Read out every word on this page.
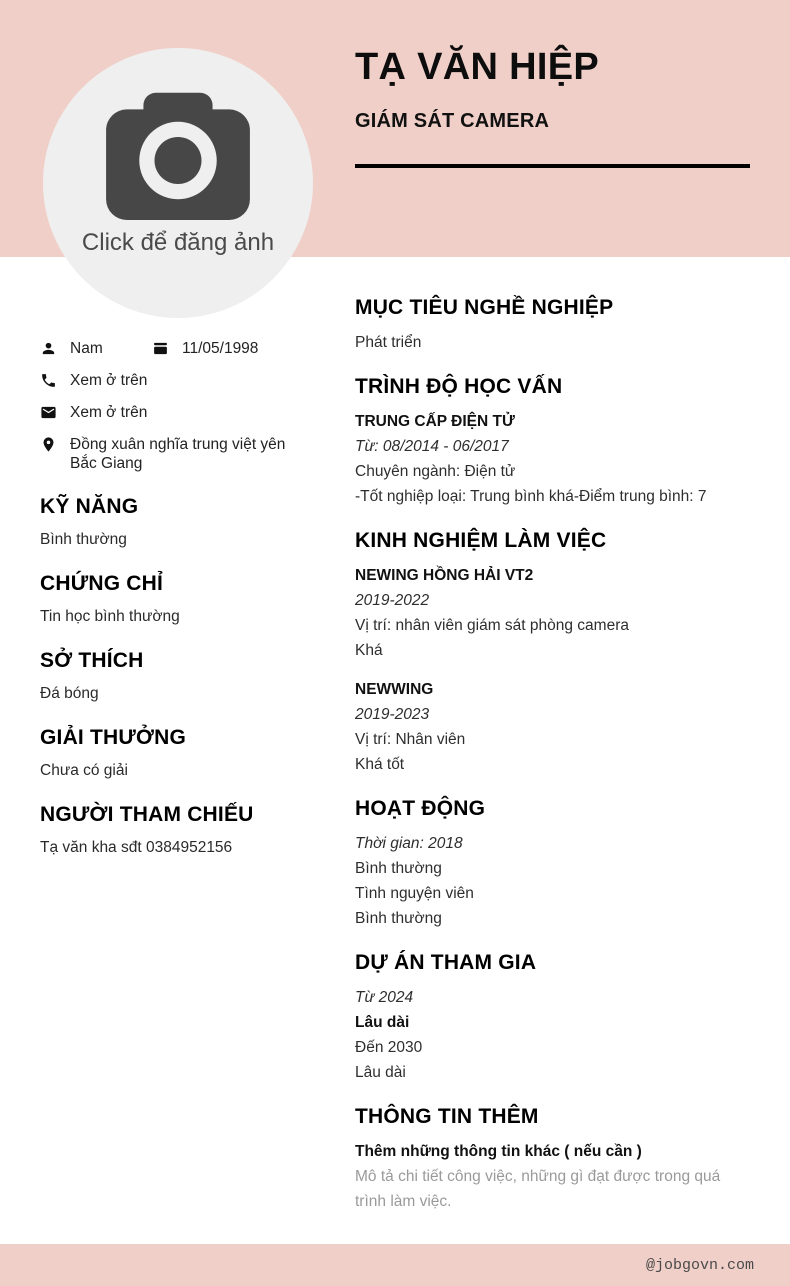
Click để đăng ảnh
TẠ VĂN HIỆP
GIÁM SÁT CAMERA
Nam	11/05/1998
Xem ở trên
Xem ở trên
Đồng xuân nghĩa trung việt yên Bắc Giang
KỸ NĂNG

Bình thường

CHỨNG CHỈ

Tin học bình thường

SỞ THÍCH

Đá bóng

GIẢI THƯỞNG

Chưa có giải

NGƯỜI THAM CHIẾU

Tạ văn kha sđt 0384952156

MỤC TIÊU NGHỀ NGHIỆP

Phát triển

TRÌNH ĐỘ HỌC VẤN

TRUNG CẤP ĐIỆN TỬ

Từ: 08/2014 - 06/2017

Chuyên ngành: Điện tử

-Tốt nghiệp loại: Trung bình khá-Điểm trung bình: 7

KINH NGHIỆM LÀM VIỆC

NEWING HỒNG HẢI VT2

2019-2022

Vị trí: nhân viên giám sát phòng camera

Khá

NEWWING

2019-2023

Vị trí: Nhân viên

Khá tốt

HOẠT ĐỘNG

Thời gian: 2018

Bình thường

Tình nguyện viên

Bình thường

DỰ ÁN THAM GIA

Từ 2024

Lâu dài

Đến 2030

Lâu dài

THÔNG TIN THÊM

Thêm những thông tin khác ( nếu cần )

Mô tả chi tiết công việc, những gì đạt được trong quá trình làm việc.

@jobgovn.com
